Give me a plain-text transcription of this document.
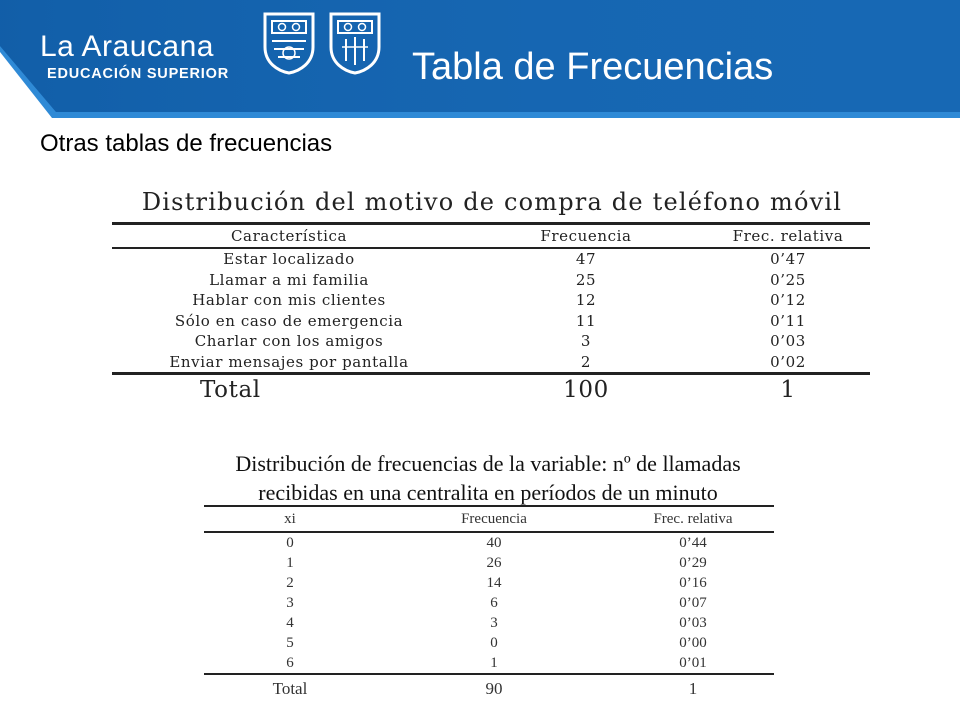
La Araucana
EDUCACIÓN SUPERIOR	Tabla de Frecuencias
Otras tablas de frecuencias
Distribución del motivo de compra de teléfono móvil
Característica	Frecuencia	Frec. relativa
Estar localizado	47	0’47
Llamar a mi familia	25	0’25
Hablar con mis clientes	12	0’12
Sólo en caso de emergencia	11	0’11
Charlar con los amigos	3	0’03
Enviar mensajes por pantalla	2	0’02
Total	100	1
Distribución de frecuencias de la variable: nº de llamadas
recibidas en una centralita en períodos de un minuto
xi	Frecuencia	Frec. relativa
0	40	0’44
1	26	0’29
2	14	0’16
3	6	0’07
4	3	0’03
5	0	0’00
6	1	0’01
Total	90	1
